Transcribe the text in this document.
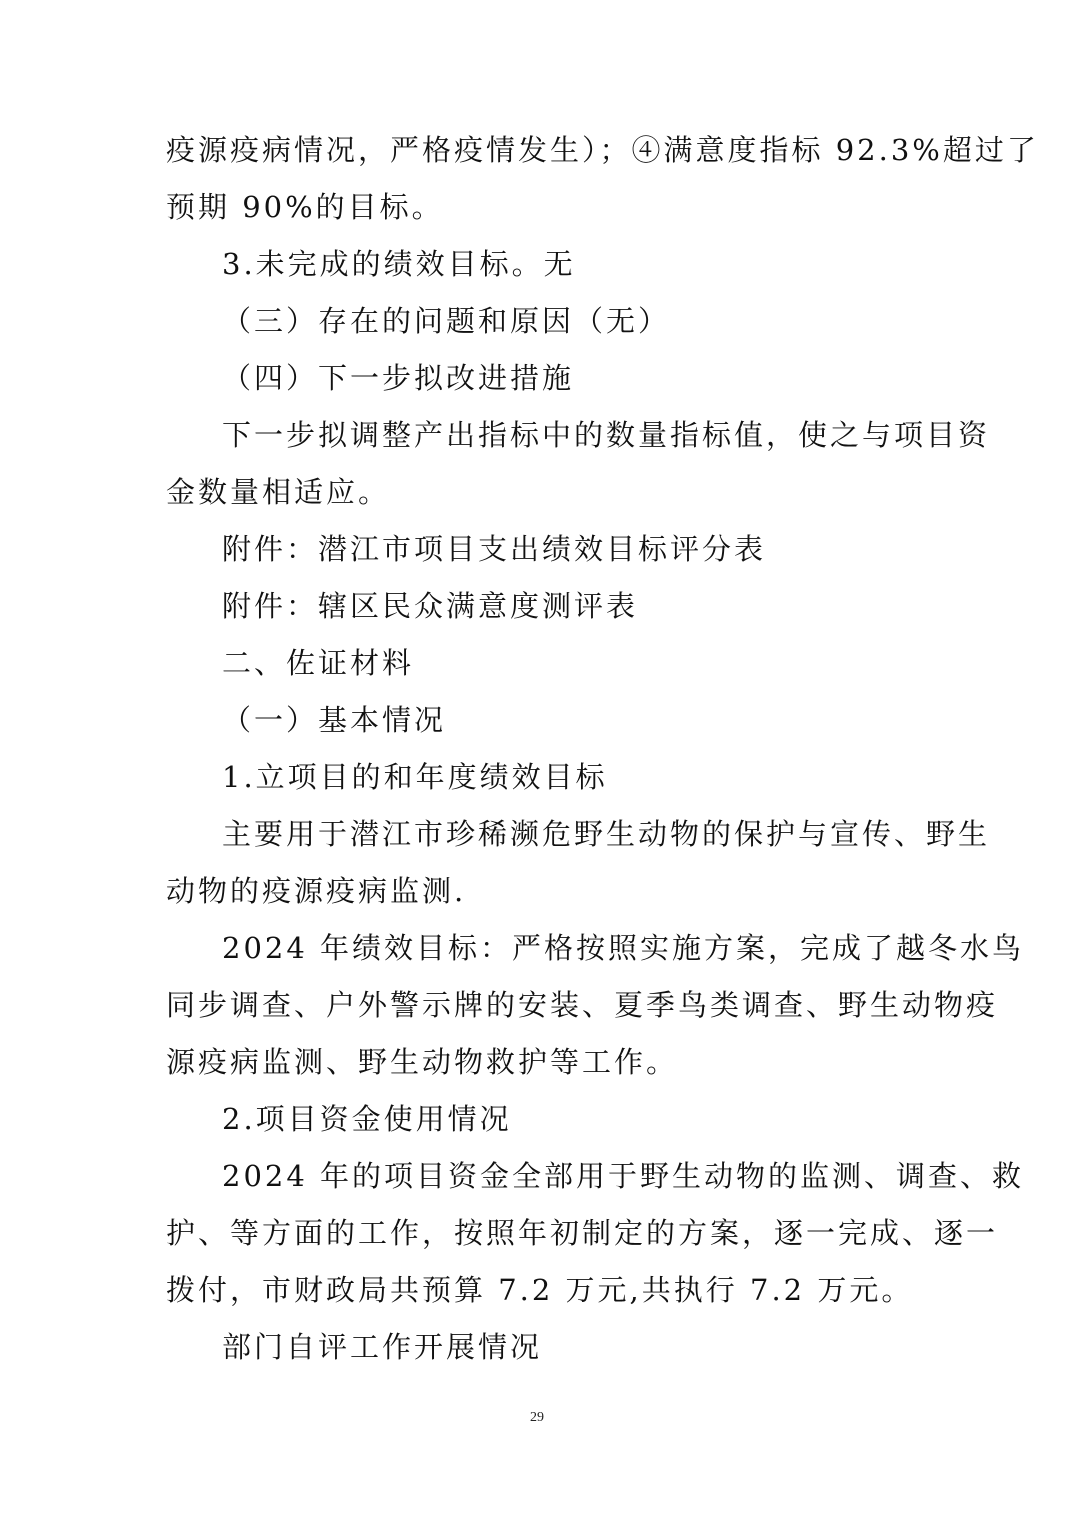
疫源疫病情况，严格疫情发生）；④满意度指标 92.3%超过了
预期 90%的目标。
3.未完成的绩效目标。无
（三）存在的问题和原因（无）
（四）下一步拟改进措施
下一步拟调整产出指标中的数量指标值，使之与项目资
金数量相适应。
附件：潜江市项目支出绩效目标评分表
附件：辖区民众满意度测评表
二、佐证材料
（一）基本情况
1.立项目的和年度绩效目标
主要用于潜江市珍稀濒危野生动物的保护与宣传、野生
动物的疫源疫病监测.
2024 年绩效目标：严格按照实施方案，完成了越冬水鸟
同步调查、户外警示牌的安装、夏季鸟类调查、野生动物疫
源疫病监测、野生动物救护等工作。
2.项目资金使用情况
2024 年的项目资金全部用于野生动物的监测、调查、救
护、等方面的工作，按照年初制定的方案，逐一完成、逐一
拨付，市财政局共预算 7.2 万元,共执行 7.2 万元。
部门自评工作开展情况
29
